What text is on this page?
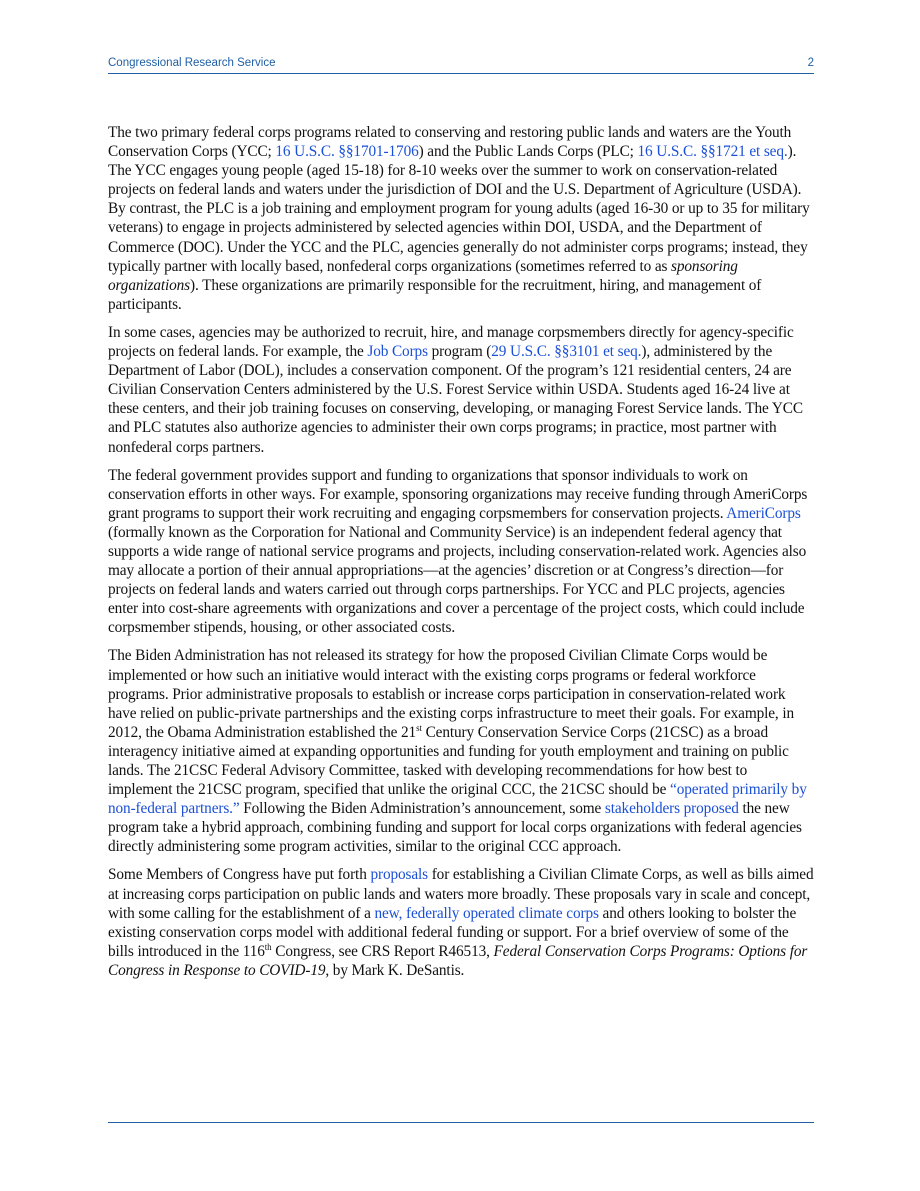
Congressional Research Service	2

The two primary federal corps programs related to conserving and restoring public lands and waters are the Youth Conservation Corps (YCC; 16 U.S.C. §§1701-1706) and the Public Lands Corps (PLC; 16 U.S.C. §§1721 et seq.). The YCC engages young people (aged 15-18) for 8-10 weeks over the summer to work on conservation-related projects on federal lands and waters under the jurisdiction of DOI and the U.S. Department of Agriculture (USDA). By contrast, the PLC is a job training and employment program for young adults (aged 16-30 or up to 35 for military veterans) to engage in projects administered by selected agencies within DOI, USDA, and the Department of Commerce (DOC). Under the YCC and the PLC, agencies generally do not administer corps programs; instead, they typically partner with locally based, nonfederal corps organizations (sometimes referred to as sponsoring organizations). These organizations are primarily responsible for the recruitment, hiring, and management of participants.

In some cases, agencies may be authorized to recruit, hire, and manage corpsmembers directly for agency-specific projects on federal lands. For example, the Job Corps program (29 U.S.C. §§3101 et seq.), administered by the Department of Labor (DOL), includes a conservation component. Of the program’s 121 residential centers, 24 are Civilian Conservation Centers administered by the U.S. Forest Service within USDA. Students aged 16-24 live at these centers, and their job training focuses on conserving, developing, or managing Forest Service lands. The YCC and PLC statutes also authorize agencies to administer their own corps programs; in practice, most partner with nonfederal corps partners.

The federal government provides support and funding to organizations that sponsor individuals to work on conservation efforts in other ways. For example, sponsoring organizations may receive funding through AmeriCorps grant programs to support their work recruiting and engaging corpsmembers for conservation projects. AmeriCorps (formally known as the Corporation for National and Community Service) is an independent federal agency that supports a wide range of national service programs and projects, including conservation-related work. Agencies also may allocate a portion of their annual appropriations—at the agencies’ discretion or at Congress’s direction—for projects on federal lands and waters carried out through corps partnerships. For YCC and PLC projects, agencies enter into cost-share agreements with organizations and cover a percentage of the project costs, which could include corpsmember stipends, housing, or other associated costs.

The Biden Administration has not released its strategy for how the proposed Civilian Climate Corps would be implemented or how such an initiative would interact with the existing corps programs or federal workforce programs. Prior administrative proposals to establish or increase corps participation in conservation-related work have relied on public-private partnerships and the existing corps infrastructure to meet their goals. For example, in 2012, the Obama Administration established the 21st Century Conservation Service Corps (21CSC) as a broad interagency initiative aimed at expanding opportunities and funding for youth employment and training on public lands. The 21CSC Federal Advisory Committee, tasked with developing recommendations for how best to implement the 21CSC program, specified that unlike the original CCC, the 21CSC should be “operated primarily by non-federal partners.” Following the Biden Administration’s announcement, some stakeholders proposed the new program take a hybrid approach, combining funding and support for local corps organizations with federal agencies directly administering some program activities, similar to the original CCC approach.

Some Members of Congress have put forth proposals for establishing a Civilian Climate Corps, as well as bills aimed at increasing corps participation on public lands and waters more broadly. These proposals vary in scale and concept, with some calling for the establishment of a new, federally operated climate corps and others looking to bolster the existing conservation corps model with additional federal funding or support. For a brief overview of some of the bills introduced in the 116th Congress, see CRS Report R46513, Federal Conservation Corps Programs: Options for Congress in Response to COVID-19, by Mark K. DeSantis.
